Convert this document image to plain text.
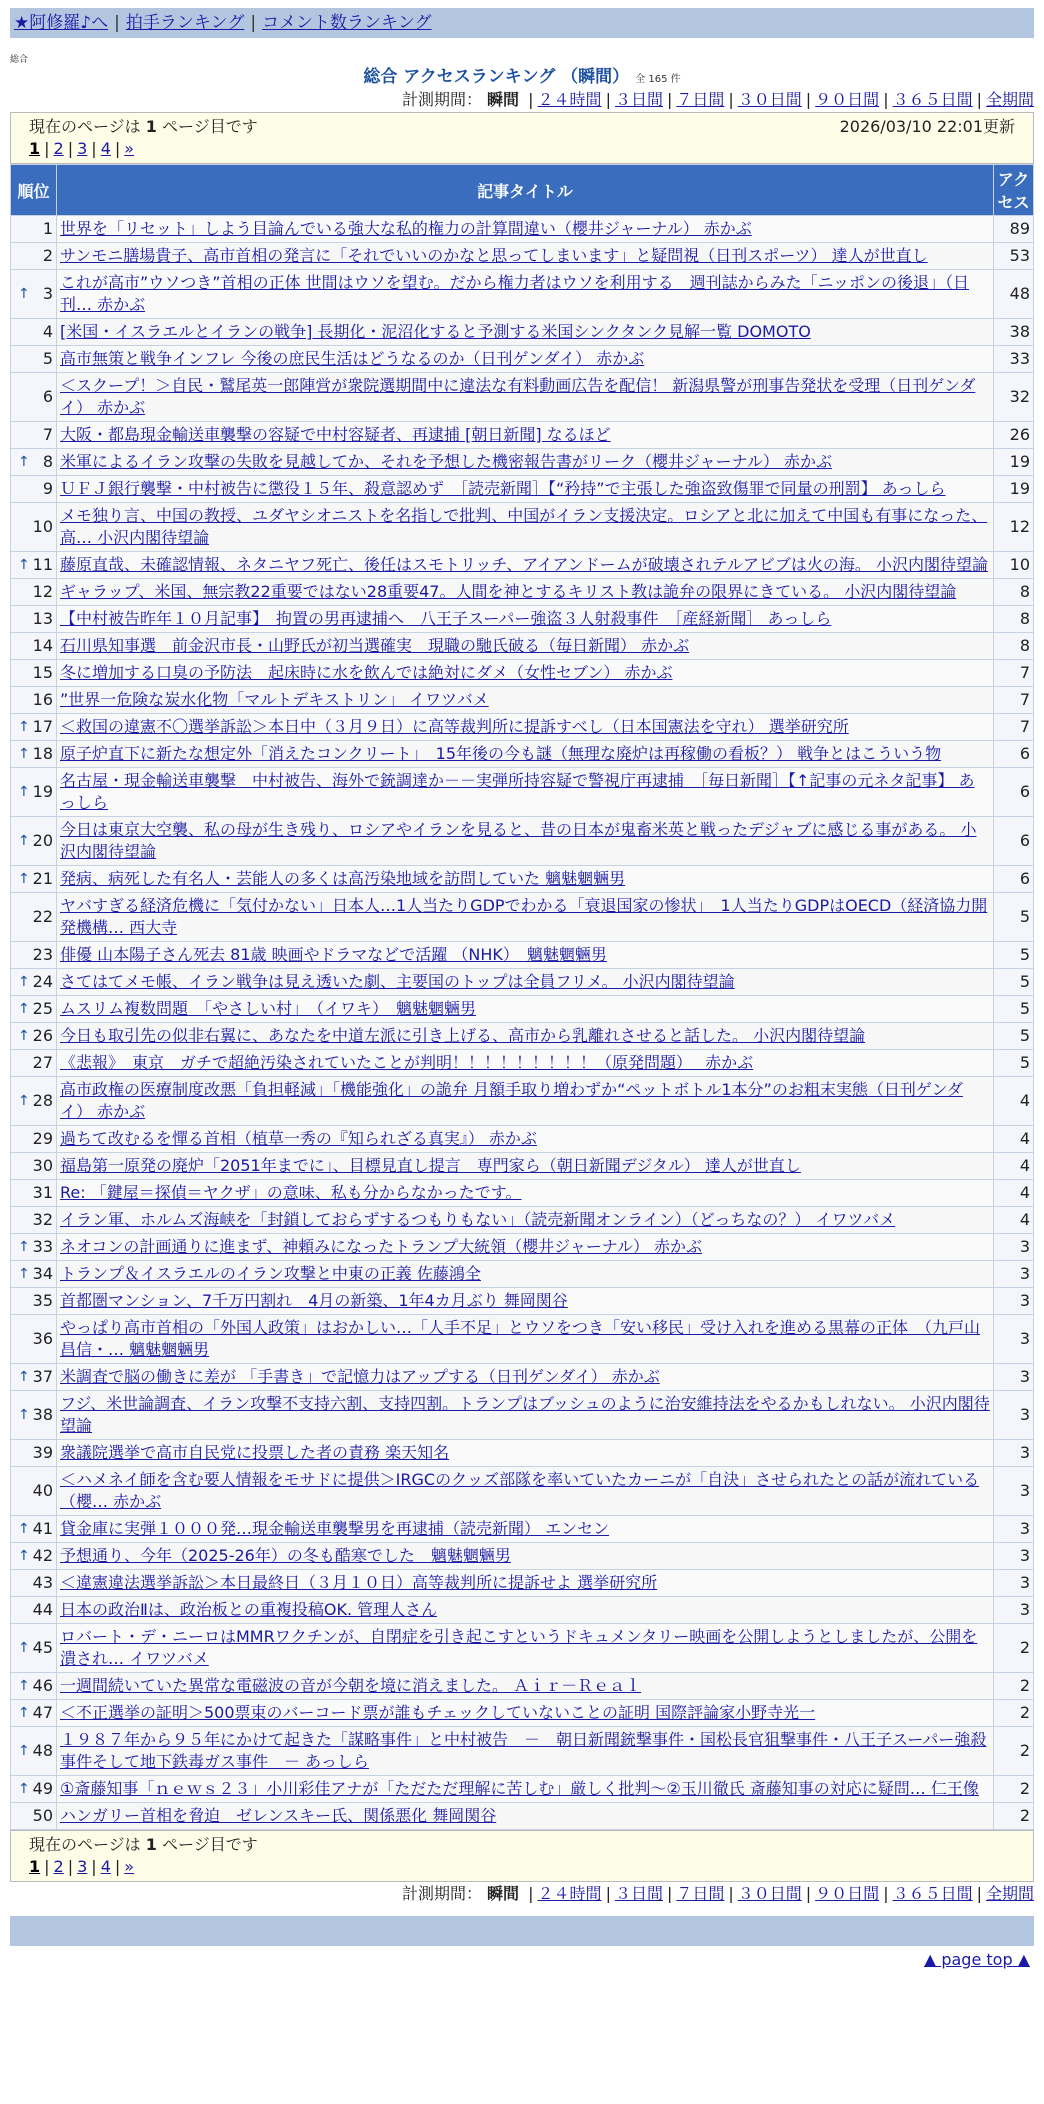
★阿修羅♪へ | 拍手ランキング | コメント数ランキング
総合
総合 アクセスランキング （瞬間） 全 165 件
計測期間： 瞬間 | ２４時間 | ３日間 | ７日間 | ３０日間 | ９０日間 | ３６５日間 | 全期間
現在のページは 1 ページ目です	2026/03/10 22:01更新
1 | 2 | 3 | 4 | »
順位	記事タイトル	アクセス
1	世界を「リセット」しよう目論んでいる強大な私的権力の計算間違い（櫻井ジャーナル） 赤かぶ	89
2	サンモニ膳場貴子、高市首相の発言に「それでいいのかなと思ってしまいます」と疑問視（日刊スポーツ） 達人が世直し	53

↑ 3	これが高市”ウソつき”首相の正体 世間はウソを望む。だから権力者はウソを利用する　週刊誌からみた「ニッポンの後退」（日刊… 赤かぶ	48
4	[米国・イスラエルとイランの戦争] 長期化・泥沼化すると予測する米国シンクタンク見解一覧 DOMOTO	38
5	高市無策と戦争インフレ 今後の庶民生活はどうなるのか（日刊ゲンダイ） 赤かぶ	33
6	＜スクープ！＞自民・鷲尾英一郎陣営が衆院選期間中に違法な有料動画広告を配信！ 新潟県警が刑事告発状を受理（日刊ゲンダイ） 赤かぶ	32
7	大阪・都島現金輸送車襲撃の容疑で中村容疑者、再逮捕 [朝日新聞] なるほど	26

↑ 8	米軍によるイラン攻撃の失敗を見越してか、それを予想した機密報告書がリーク（櫻井ジャーナル） 赤かぶ	19
9	ＵＦＪ銀行襲撃・中村被告に懲役１５年、殺意認めず　［読売新聞］【“矜持”で主張した強盗致傷罪で同量の刑罰】 あっしら	19
10	メモ独り言、中国の教授、ユダヤシオニストを名指しで批判、中国がイラン支援決定。ロシアと北に加えて中国も有事になった、高… 小沢内閣待望論	12

↑ 11	藤原直哉、未確認情報、ネタニヤフ死亡、後任はスモトリッチ、アイアンドームが破壊されテルアビブは火の海。 小沢内閣待望論	10
12	ギャラップ、米国、無宗教22重要ではない28重要47。人間を神とするキリスト教は詭弁の限界にきている。 小沢内閣待望論	8
13	【中村被告昨年１０月記事】　拘置の男再逮捕へ　八王子スーパー強盗３人射殺事件　［産経新聞］ あっしら	8
14	石川県知事選　前金沢市長・山野氏が初当選確実　現職の馳氏破る（毎日新聞） 赤かぶ	8
15	冬に増加する口臭の予防法　起床時に水を飲んでは絶対にダメ（女性セブン） 赤かぶ	7
16	”世界一危険な炭水化物「マルトデキストリン」 イワツバメ	7

↑ 17	＜救国の違憲不〇選挙訴訟＞本日中（３月９日）に高等裁判所に提訴すべし（日本国憲法を守れ） 選挙研究所	7

↑ 18	原子炉直下に新たな想定外「消えたコンクリート」　15年後の今も謎（無理な廃炉は再稼働の看板？） 戦争とはこういう物	6

↑ 19	名古屋・現金輸送車襲撃　中村被告、海外で銃調達か－－実弾所持容疑で警視庁再逮捕　［毎日新聞］【↑記事の元ネタ記事】 あっしら	6

↑ 20	今日は東京大空襲、私の母が生き残り、ロシアやイランを見ると、昔の日本が鬼畜米英と戦ったデジャブに感じる事がある。 小沢内閣待望論	6

↑ 21	発病、病死した有名人・芸能人の多くは高汚染地域を訪問していた 魑魅魍魎男	6
22	ヤバすぎる経済危機に「気付かない」日本人…1人当たりGDPでわかる「衰退国家の惨状」　1人当たりGDPはOECD（経済協力開発機構… 西大寺	5
23	俳優 山本陽子さん死去 81歳 映画やドラマなどで活躍 （NHK）　魑魅魍魎男	5

↑ 24	さてはてメモ帳、イラン戦争は見え透いた劇、主要国のトップは全員フリメ。 小沢内閣待望論	5

↑ 25	ムスリム複数問題　「やさしい村」　（イワキ）　魑魅魍魎男	5

↑ 26	今日も取引先の似非右翼に、あなたを中道左派に引き上げる、高市から乳離れさせると話した。 小沢内閣待望論	5
27	《悲報》　東京　ガチで超絶汚染されていたことが判明！！！！！！！！！（原発問題）　 赤かぶ	5

↑ 28	高市政権の医療制度改悪「負担軽減」「機能強化」の詭弁 月額手取り増わずか“ペットボトル1本分”のお粗末実態（日刊ゲンダイ） 赤かぶ	4
29	過ちて改むるを憚る首相（植草一秀の『知られざる真実』） 赤かぶ	4
30	福島第一原発の廃炉「2051年までに」、目標見直し提言　専門家ら（朝日新聞デジタル） 達人が世直し	4
31	Re: 「鍵屋＝探偵＝ヤクザ」の意味、私も分からなかったです。	4
32	イラン軍、ホルムズ海峡を「封鎖しておらずするつもりもない」（読売新聞オンライン）（どっちなの？） イワツバメ	4

↑ 33	ネオコンの計画通りに進まず、神頼みになったトランプ大統領（櫻井ジャーナル） 赤かぶ	3

↑ 34	トランプ＆イスラエルのイラン攻撃と中東の正義 佐藤鴻全	3
35	首都圏マンション、7千万円割れ　4月の新築、1年4カ月ぶり 舞岡関谷	3
36	やっぱり高市首相の「外国人政策」はおかしい…「人手不足」とウソをつき「安い移民」受け入れを進める黒幕の正体　（九戸山 昌信・… 魑魅魍魎男	3

↑ 37	米調査で脳の働きに差が 「手書き」で記憶力はアップする（日刊ゲンダイ） 赤かぶ	3

↑ 38	フジ、米世論調査、イラン攻撃不支持六割、支持四割。トランプはブッシュのように治安維持法をやるかもしれない。 小沢内閣待望論	3
39	衆議院選挙で高市自民党に投票した者の責務 楽天知名	3
40	＜ハメネイ師を含む要人情報をモサドに提供＞IRGCのクッズ部隊を率いていたカーニが「自決」させられたとの話が流れている（櫻… 赤かぶ	3

↑ 41	貸金庫に実弾１０００発…現金輸送車襲撃男を再逮捕（読売新聞） エンセン	3

↑ 42	予想通り、今年（2025-26年）の冬も酷寒でした　魑魅魍魎男	3
43	＜違憲違法選挙訴訟＞本日最終日（３月１０日）高等裁判所に提訴せよ 選挙研究所	3
44	日本の政治Ⅱは、政治板との重複投稿OK. 管理人さん	3

↑ 45	ロバート・デ・ニーロはMMRワクチンが、自閉症を引き起こすというドキュメンタリー映画を公開しようとしましたが、公開を潰され… イワツバメ	2

↑ 46	一週間続いていた異常な電磁波の音が今朝を境に消えました。 Ａｉｒ－Ｒｅａｌ	2

↑ 47	＜不正選挙の証明＞500票束のバーコード票が誰もチェックしていないことの証明 国際評論家小野寺光一	2

↑ 48	１９８７年から９５年にかけて起きた「謀略事件」と中村被告　－　朝日新聞銃撃事件・国松長官狙撃事件・八王子スーパー強殺事件そして地下鉄毒ガス事件　－ あっしら	2

↑ 49	①斎藤知事「ｎｅｗｓ２３」小川彩佳アナが「ただただ理解に苦しむ」厳しく批判～②玉川徹氏 斎藤知事の対応に疑問… 仁王像	2
50	ハンガリー首相を脅迫　ゼレンスキー氏、関係悪化 舞岡関谷	2
現在のページは 1 ページ目です
1 | 2 | 3 | 4 | »
計測期間： 瞬間 | ２４時間 | ３日間 | ７日間 | ３０日間 | ９０日間 | ３６５日間 | 全期間
▲ page top ▲
